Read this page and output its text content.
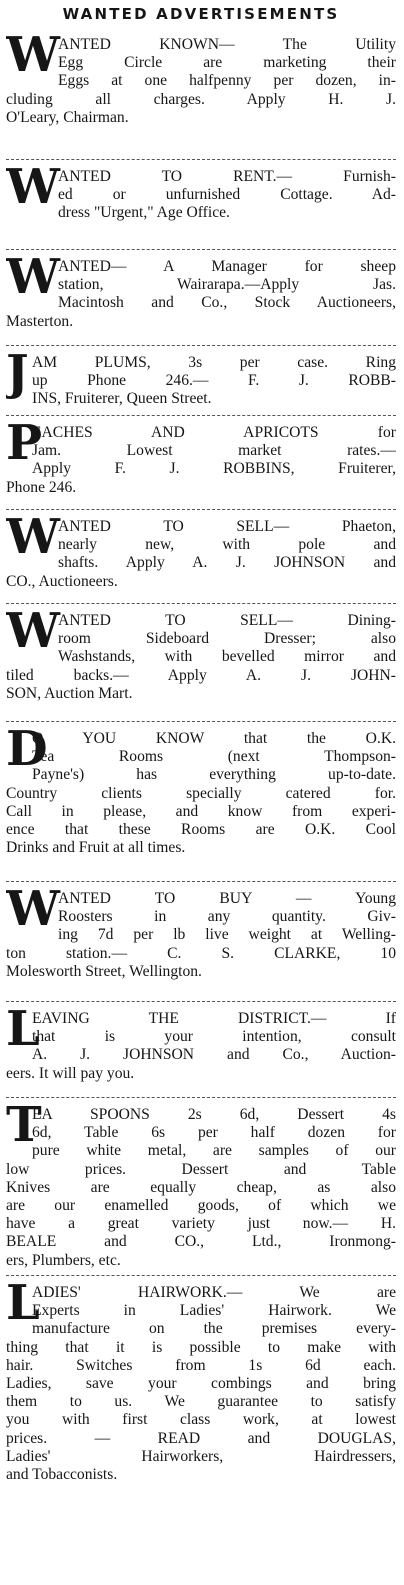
WANTED ADVERTISEMENTS
W
ANTED KNOWN— The Utility
Egg Circle are marketing their
Eggs at one halfpenny per dozen, in-
cluding all charges. Apply H. J.
O'Leary, Chairman.
W
ANTED TO RENT.— Furnish-
ed or unfurnished Cottage. Ad-
dress "Urgent," Age Office.
W
ANTED— A Manager for sheep
station, Wairarapa.—Apply Jas.
Macintosh and Co., Stock Auctioneers,
Masterton.
J AM PLUMS, 3s per case. Ring
up Phone 246.— F. J. ROBB-
INS, Fruiterer, Queen Street.
P
EACHES AND APRICOTS for
Jam. Lowest market rates.—
Apply F. J. ROBBINS, Fruiterer,
Phone 246.
W
ANTED TO SELL— Phaeton,
nearly new, with pole and
shafts. Apply A. J. JOHNSON and
CO., Auctioneers.
W
ANTED TO SELL— Dining-
room Sideboard Dresser; also
Washstands, with bevelled mirror and
tiled backs.— Apply A. J. JOHN-
SON, Auction Mart.
D
O YOU KNOW that the O.K.
Tea Rooms (next Thompson-
Payne's) has everything up-to-date.
Country clients specially catered for.
Call in please, and know from experi-
ence that these Rooms are O.K. Cool
Drinks and Fruit at all times.
W
ANTED TO BUY — Young
Roosters in any quantity. Giv-
ing 7d per lb live weight at Welling-
ton station.— C. S. CLARKE, 10
Molesworth Street, Wellington.
L
EAVING THE DISTRICT.— If
that is your intention, consult
A. J. JOHNSON and Co., Auction-
eers. It will pay you.
T
EA SPOONS 2s 6d, Dessert 4s
6d, Table 6s per half dozen for
pure white metal, are samples of our
low prices. Dessert and Table
Knives are equally cheap, as also
are our enamelled goods, of which we
have a great variety just now.— H.
BEALE and CO., Ltd., Ironmong-
ers, Plumbers, etc.
L
ADIES' HAIRWORK.— We are
Experts in Ladies' Hairwork. We
manufacture on the premises every-
thing that it is possible to make with
hair. Switches from 1s 6d each.
Ladies, save your combings and bring
them to us. We guarantee to satisfy
you with first class work, at lowest
prices. — READ and DOUGLAS,
Ladies' Hairworkers, Hairdressers,
and Tobacconists.
